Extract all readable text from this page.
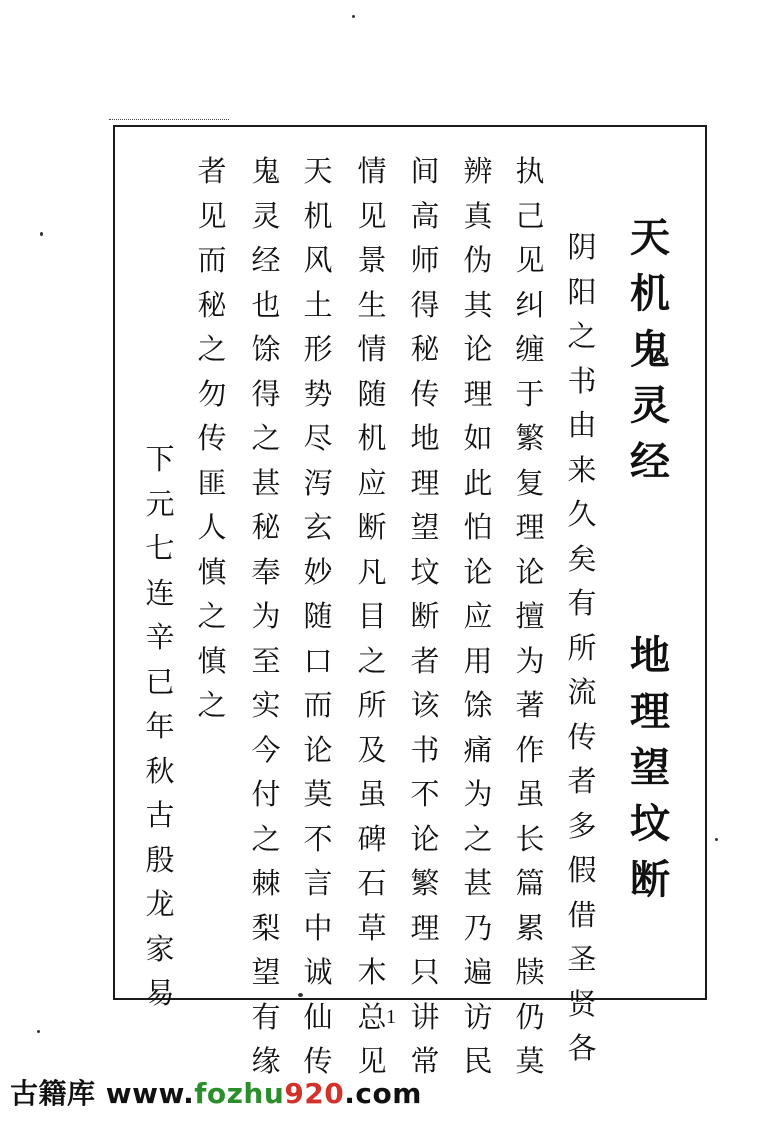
天
机
鬼
灵
经
地
理
望
坟
断
阴
阳
之
书
由
来
久
矣
有
所
流
传
者
多
假
借
圣
贤
各
执
己
见
纠
缠
于
繁
复
理
论
擅
为
著
作
虽
长
篇
累
牍
仍
莫
辨
真
伪
其
论
理
如
此
怕
论
应
用
馀
痛
为
之
甚
乃
遍
访
民
间
高
师
得
秘
传
地
理
望
坟
断
者
该
书
不
论
繁
理
只
讲
常
情
见
景
生
情
随
机
应
断
凡
目
之
所
及
虽
碑
石
草
木
总
见
天
机
风
土
形
势
尽
泻
玄
妙
随
口
而
论
莫
不
言
中
诚
仙
传
鬼
灵
经
也
馀
得
之
甚
秘
奉
为
至
实
今
付
之
棘
梨
望
有
缘
者
见
而
秘
之
勿
传
匪
人
慎
之
慎
之
下
元
七
连
辛
已
年
秋
古
殷
龙
家
易
1
古籍库 www.fozhu920.com
